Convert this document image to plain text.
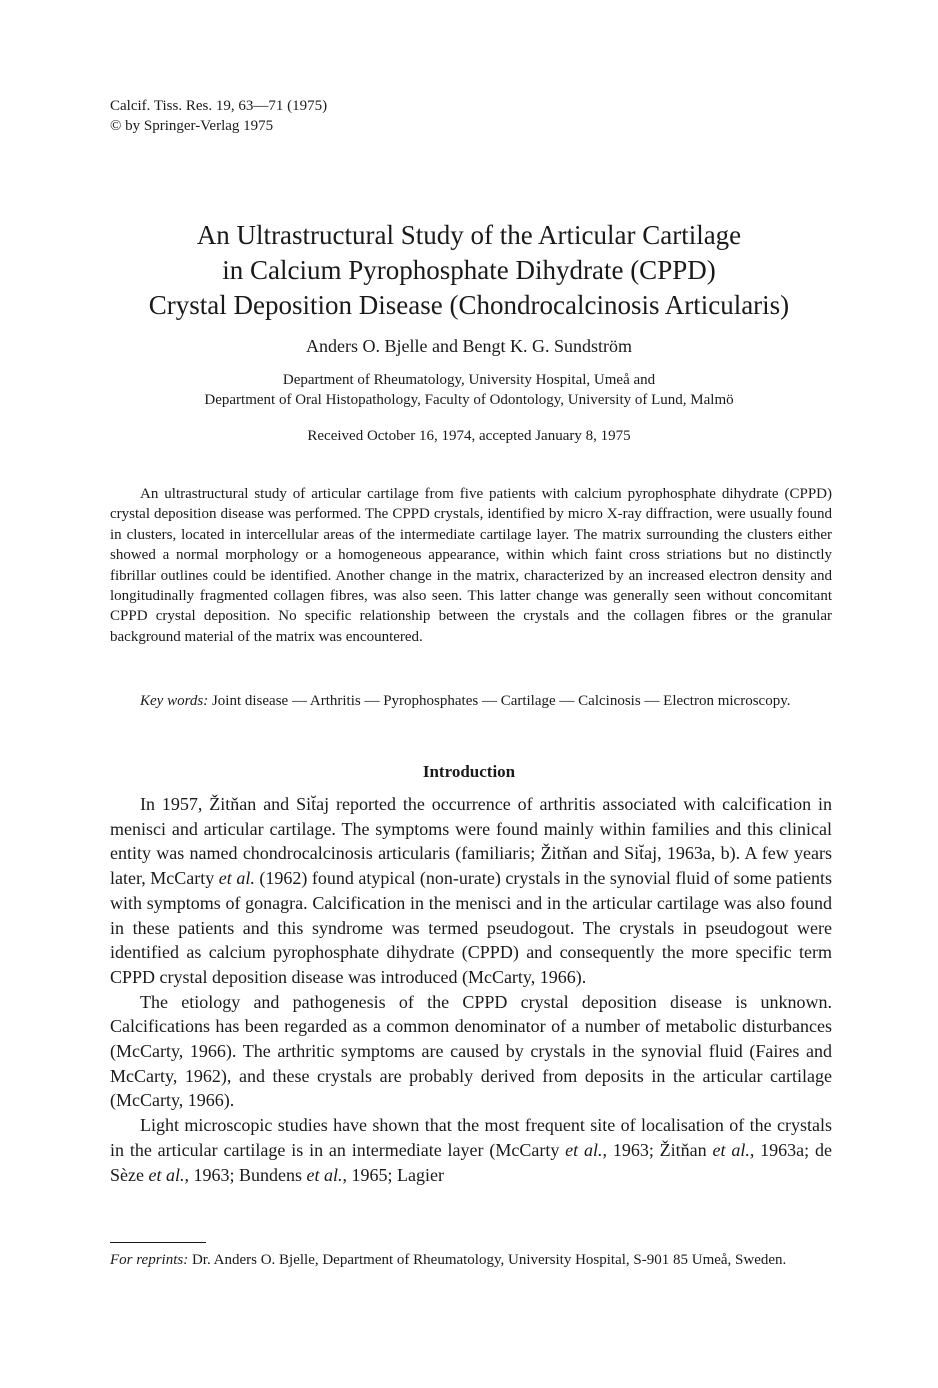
Calcif. Tiss. Res. 19, 63—71 (1975)
© by Springer-Verlag 1975
An Ultrastructural Study of the Articular Cartilage
in Calcium Pyrophosphate Dihydrate (CPPD)
Crystal Deposition Disease (Chondrocalcinosis Articularis)
Anders O. Bjelle and Bengt K. G. Sundström
Department of Rheumatology, University Hospital, Umeå and
Department of Oral Histopathology, Faculty of Odontology, University of Lund, Malmö
Received October 16, 1974, accepted January 8, 1975

An ultrastructural study of articular cartilage from five patients with calcium pyrophosphate dihydrate (CPPD) crystal deposition disease was performed. The CPPD crystals, identified by micro X-ray diffraction, were usually found in clusters, located in intercellular areas of the intermediate cartilage layer. The matrix surrounding the clusters either showed a normal morphology or a homogeneous appearance, within which faint cross striations but no distinctly fibrillar outlines could be identified. Another change in the matrix, characterized by an increased electron density and longitudinally fragmented collagen fibres, was also seen. This latter change was generally seen without concomitant CPPD crystal deposition. No specific relationship between the crystals and the collagen fibres or the granular background material of the matrix was encountered.

Key words: Joint disease — Arthritis — Pyrophosphates — Cartilage — Calcinosis — Electron microscopy.

Introduction

In 1957, Žitňan and Sit̆aj reported the occurrence of arthritis associated with calcification in menisci and articular cartilage. The symptoms were found mainly within families and this clinical entity was named chondrocalcinosis articularis (familiaris; Žitňan and Sit̆aj, 1963a, b). A few years later, McCarty et al. (1962) found atypical (non-urate) crystals in the synovial fluid of some patients with symptoms of gonagra. Calcification in the menisci and in the articular cartilage was also found in these patients and this syndrome was termed pseudogout. The crystals in pseudogout were identified as calcium pyrophosphate dihydrate (CPPD) and consequently the more specific term CPPD crystal deposition disease was introduced (McCarty, 1966).

The etiology and pathogenesis of the CPPD crystal deposition disease is unknown. Calcifications has been regarded as a common denominator of a number of metabolic disturbances (McCarty, 1966). The arthritic symptoms are caused by crystals in the synovial fluid (Faires and McCarty, 1962), and these crystals are probably derived from deposits in the articular cartilage (McCarty, 1966).

Light microscopic studies have shown that the most frequent site of localisation of the crystals in the articular cartilage is in an intermediate layer (McCarty et al., 1963; Žitňan et al., 1963a; de Sèze et al., 1963; Bundens et al., 1965; Lagier

For reprints: Dr. Anders O. Bjelle, Department of Rheumatology, University Hospital, S-901 85 Umeå, Sweden.
